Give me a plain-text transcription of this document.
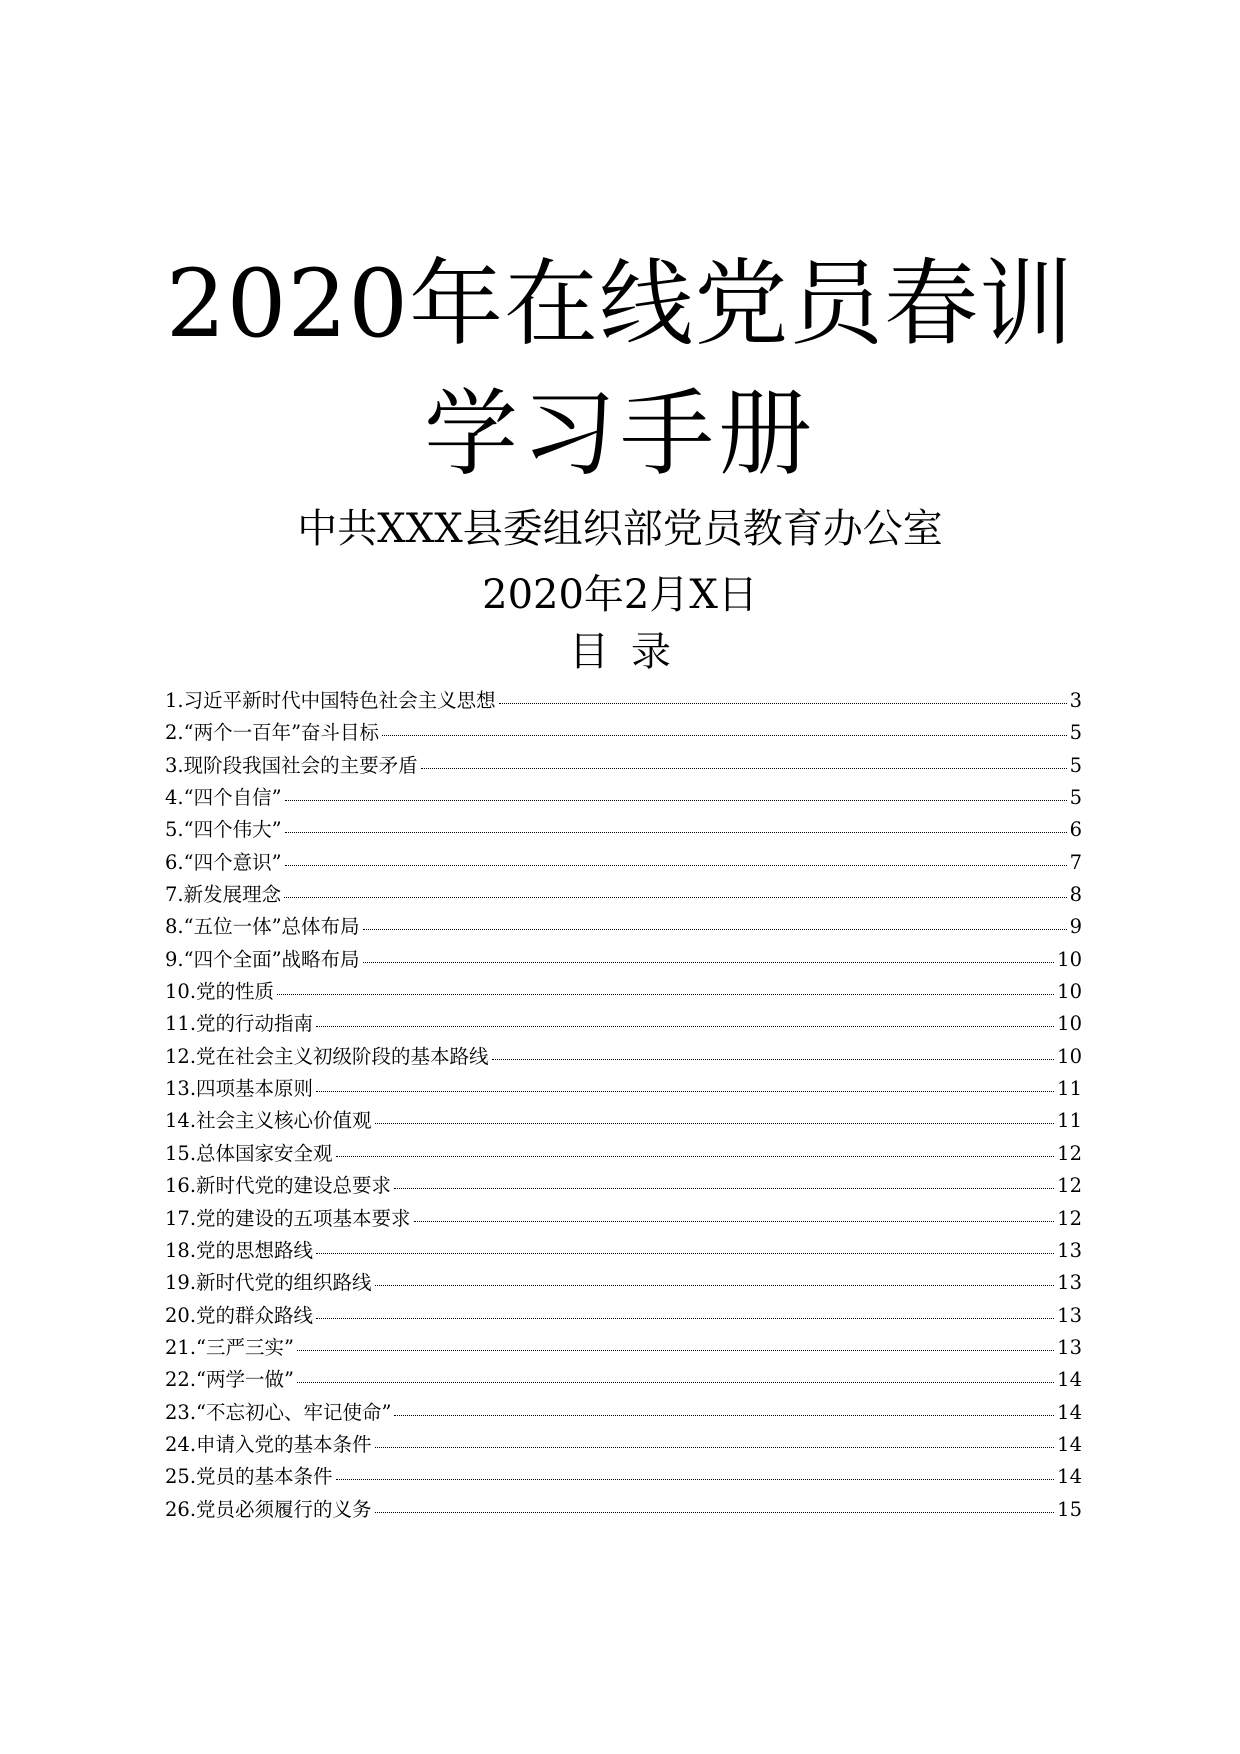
2020年在线党员春训
学习手册
中共XXX县委组织部党员教育办公室
2020年2月X日
目录
1.习近平新时代中国特色社会主义思想	3
2.“两个一百年”奋斗目标	5
3.现阶段我国社会的主要矛盾	5
4.“四个自信”	5
5.“四个伟大”	6
6.“四个意识”	7
7.新发展理念	8
8.“五位一体”总体布局	9
9.“四个全面”战略布局	10
10.党的性质	10
11.党的行动指南	10
12.党在社会主义初级阶段的基本路线	10
13.四项基本原则	11
14.社会主义核心价值观	11
15.总体国家安全观	12
16.新时代党的建设总要求	12
17.党的建设的五项基本要求	12
18.党的思想路线	13
19.新时代党的组织路线	13
20.党的群众路线	13
21.“三严三实”	13
22.“两学一做”	14
23.“不忘初心、牢记使命”	14
24.申请入党的基本条件	14
25.党员的基本条件	14
26.党员必须履行的义务	15
